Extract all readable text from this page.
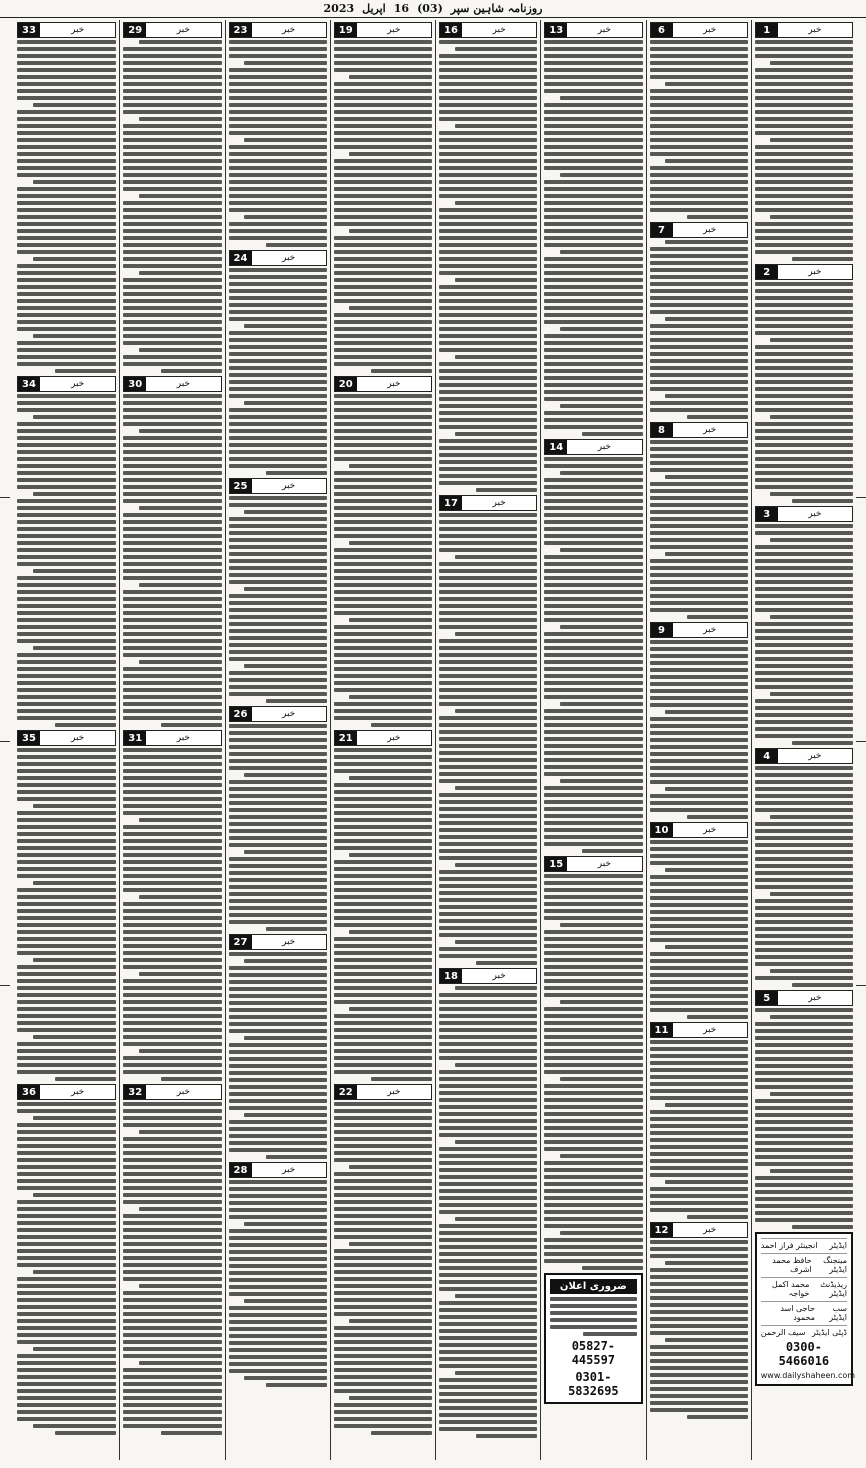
2023 اپریل 16 (03) روزنامہ شاہین سپر
خبر
1
خبر
2
خبر
3
خبر
4
خبر
5
ایڈیٹر
انجینئر فراز احمد
مینجنگ ایڈیٹر
حافظ محمد اشرف
ریذیڈنٹ ایڈیٹر
محمد اکمل خواجہ
سب ایڈیٹر
حاجی اسد محمود
ڈپٹی ایڈیٹر
سیف الرحمن
0300-5466016
www.dailyshaheen.com
خبر
6
خبر
7
خبر
8
خبر
9
خبر
10
خبر
11
خبر
12
خبر
13
خبر
14
خبر
15
ضروری اعلان
05827-445597
0301-5832695
خبر
16
خبر
17
خبر
18
خبر
19
خبر
20
خبر
21
خبر
22
خبر
23
خبر
24
خبر
25
خبر
26
خبر
27
خبر
28
خبر
29
خبر
30
خبر
31
خبر
32
خبر
33
خبر
34
خبر
35
خبر
36
